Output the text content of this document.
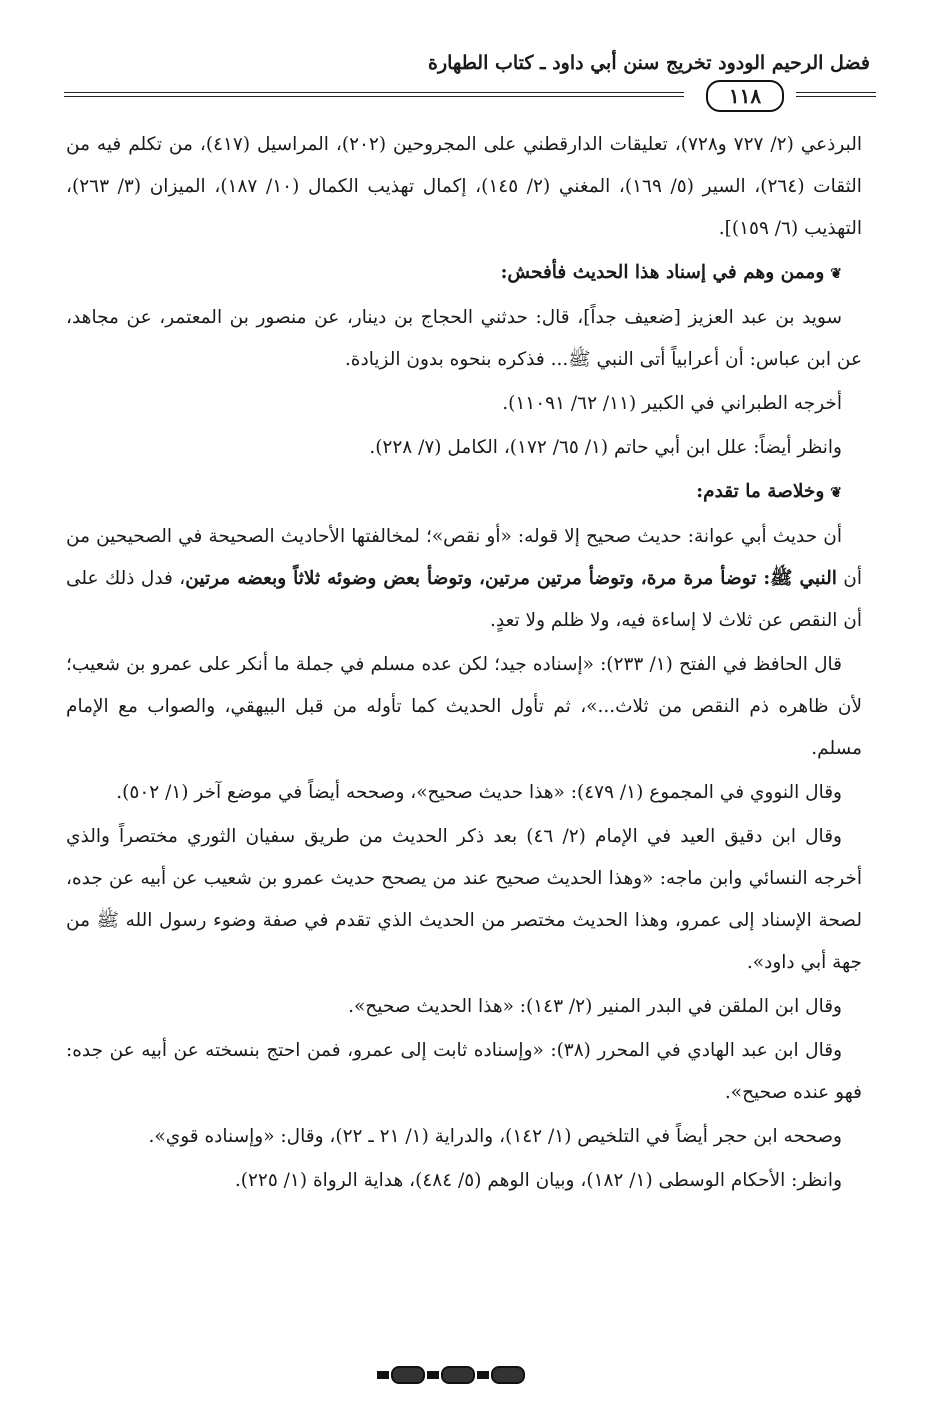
فضل الرحيم الودود تخريج سنن أبي داود ـ كتاب الطهارة
١١٨

البرذعي (٢/ ٧٢٧ و٧٢٨)، تعليقات الدارقطني على المجروحين (٢٠٢)، المراسيل (٤١٧)، من تكلم فيه من الثقات (٢٦٤)، السير (٥/ ١٦٩)، المغني (٢/ ١٤٥)، إكمال تهذيب الكمال (١٠/ ١٨٧)، الميزان (٣/ ٢٦٣)، التهذيب (٦/ ١٥٩)].

❦وممن وهم في إسناد هذا الحديث فأفحش:

سويد بن عبد العزيز [ضعيف جداً]، قال: حدثني الحجاج بن دينار، عن منصور بن المعتمر، عن مجاهد، عن ابن عباس: أن أعرابياً أتى النبي ﷺ... فذكره بنحوه بدون الزيادة.

أخرجه الطبراني في الكبير (١١/ ٦٢/ ١١٠٩١).

وانظر أيضاً: علل ابن أبي حاتم (١/ ٦٥/ ١٧٢)، الكامل (٧/ ٢٢٨).

❦وخلاصة ما تقدم:

أن حديث أبي عوانة: حديث صحيح إلا قوله: «أو نقص»؛ لمخالفتها الأحاديث الصحيحة في الصحيحين من أن النبي ﷺ: توضأ مرة مرة، وتوضأ مرتين مرتين، وتوضأ بعض وضوئه ثلاثاً وبعضه مرتين، فدل ذلك على أن النقص عن ثلاث لا إساءة فيه، ولا ظلم ولا تعدٍ.

قال الحافظ في الفتح (١/ ٢٣٣): «إسناده جيد؛ لكن عده مسلم في جملة ما أنكر على عمرو بن شعيب؛ لأن ظاهره ذم النقص من ثلاث...»، ثم تأول الحديث كما تأوله من قبل البيهقي، والصواب مع الإمام مسلم.

وقال النووي في المجموع (١/ ٤٧٩): «هذا حديث صحيح»، وصححه أيضاً في موضع آخر (١/ ٥٠٢).

وقال ابن دقيق العيد في الإمام (٢/ ٤٦) بعد ذكر الحديث من طريق سفيان الثوري مختصراً والذي أخرجه النسائي وابن ماجه: «وهذا الحديث صحيح عند من يصحح حديث عمرو بن شعيب عن أبيه عن جده، لصحة الإسناد إلى عمرو، وهذا الحديث مختصر من الحديث الذي تقدم في صفة وضوء رسول الله ﷺ من جهة أبي داود».

وقال ابن الملقن في البدر المنير (٢/ ١٤٣): «هذا الحديث صحيح».

وقال ابن عبد الهادي في المحرر (٣٨): «وإسناده ثابت إلى عمرو، فمن احتج بنسخته عن أبيه عن جده: فهو عنده صحيح».

وصححه ابن حجر أيضاً في التلخيص (١/ ١٤٢)، والدراية (١/ ٢١ ـ ٢٢)، وقال: «وإسناده قوي».

وانظر: الأحكام الوسطى (١/ ١٨٢)، وبيان الوهم (٥/ ٤٨٤)، هداية الرواة (١/ ٢٢٥).
